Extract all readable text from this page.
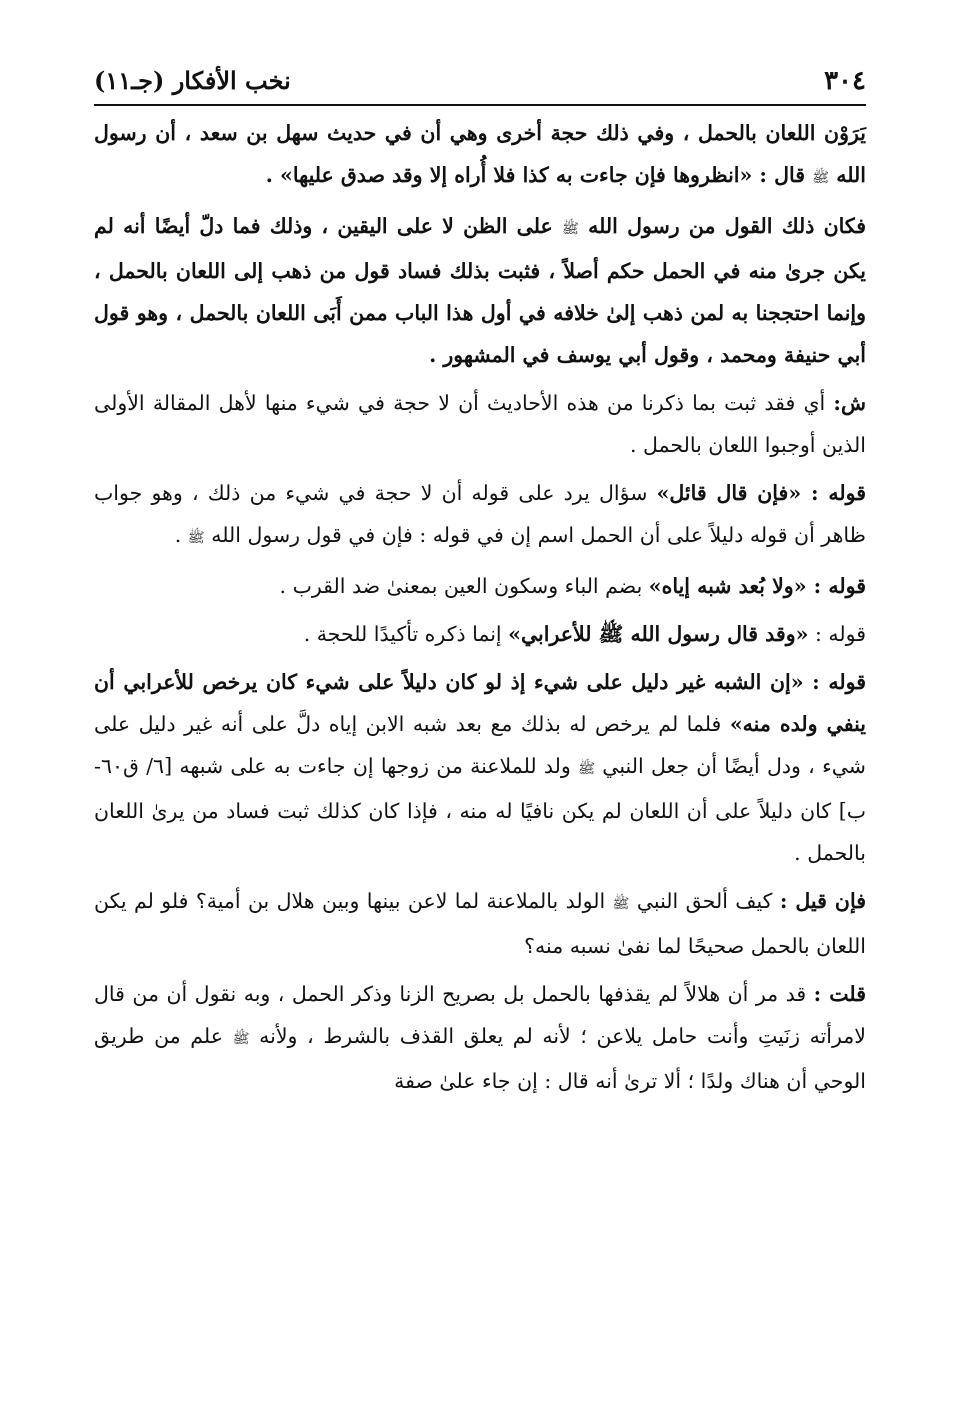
٣٠٤
نخب الأفكار (جـ١١)

يَرَوْن اللعان بالحمل ، وفي ذلك حجة أخرى وهي أن في حديث سهل بن سعد ، أن رسول الله ﷺ قال : «انظروها فإن جاءت به كذا فلا أُراه إلا وقد صدق عليها» .

فكان ذلك القول من رسول الله ﷺ على الظن لا على اليقين ، وذلك فما دلّ أيضًا أنه لم يكن جرىٰ منه في الحمل حكم أصلاً ، فثبت بذلك فساد قول من ذهب إلى اللعان بالحمل ، وإنما احتججنا به لمن ذهب إلىٰ خلافه في أول هذا الباب ممن أَبَى اللعان بالحمل ، وهو قول أبي حنيفة ومحمد ، وقول أبي يوسف في المشهور .

ش: أي فقد ثبت بما ذكرنا من هذه الأحاديث أن لا حجة في شيء منها لأهل المقالة الأولى الذين أوجبوا اللعان بالحمل .

قوله : «فإن قال قائل» سؤال يرد على قوله أن لا حجة في شيء من ذلك ، وهو جواب ظاهر أن قوله دليلاً على أن الحمل اسم إن في قوله : فإن في قول رسول الله ﷺ .

قوله : «ولا بُعد شبه إياه» بضم الباء وسكون العين بمعنىٰ ضد القرب .

قوله : «وقد قال رسول الله ﷺ للأعرابي» إنما ذكره تأكيدًا للحجة .

قوله : «إن الشبه غير دليل على شيء إذ لو كان دليلاً على شيء كان يرخص للأعرابي أن ينفي ولده منه» فلما لم يرخص له بذلك مع بعد شبه الابن إياه دلَّ على أنه غير دليل على شيء ، ودل أيضًا أن جعل النبي ﷺ ولد للملاعنة من زوجها إن جاءت به على شبهه [٦/ ق٦٠-ب] كان دليلاً على أن اللعان لم يكن نافيًا له منه ، فإذا كان كذلك ثبت فساد من يرىٰ اللعان بالحمل .

فإن قيل : كيف ألحق النبي ﷺ الولد بالملاعنة لما لاعن بينها وبين هلال بن أمية؟ فلو لم يكن اللعان بالحمل صحيحًا لما نفىٰ نسبه منه؟

قلت : قد مر أن هلالاً لم يقذفها بالحمل بل بصريح الزنا وذكر الحمل ، وبه نقول أن من قال لامرأته زنَيتِ وأنت حامل يلاعن ؛ لأنه لم يعلق القذف بالشرط ، ولأنه ﷺ علم من طريق الوحي أن هناك ولدًا ؛ ألا ترىٰ أنه قال : إن جاء علىٰ صفة
